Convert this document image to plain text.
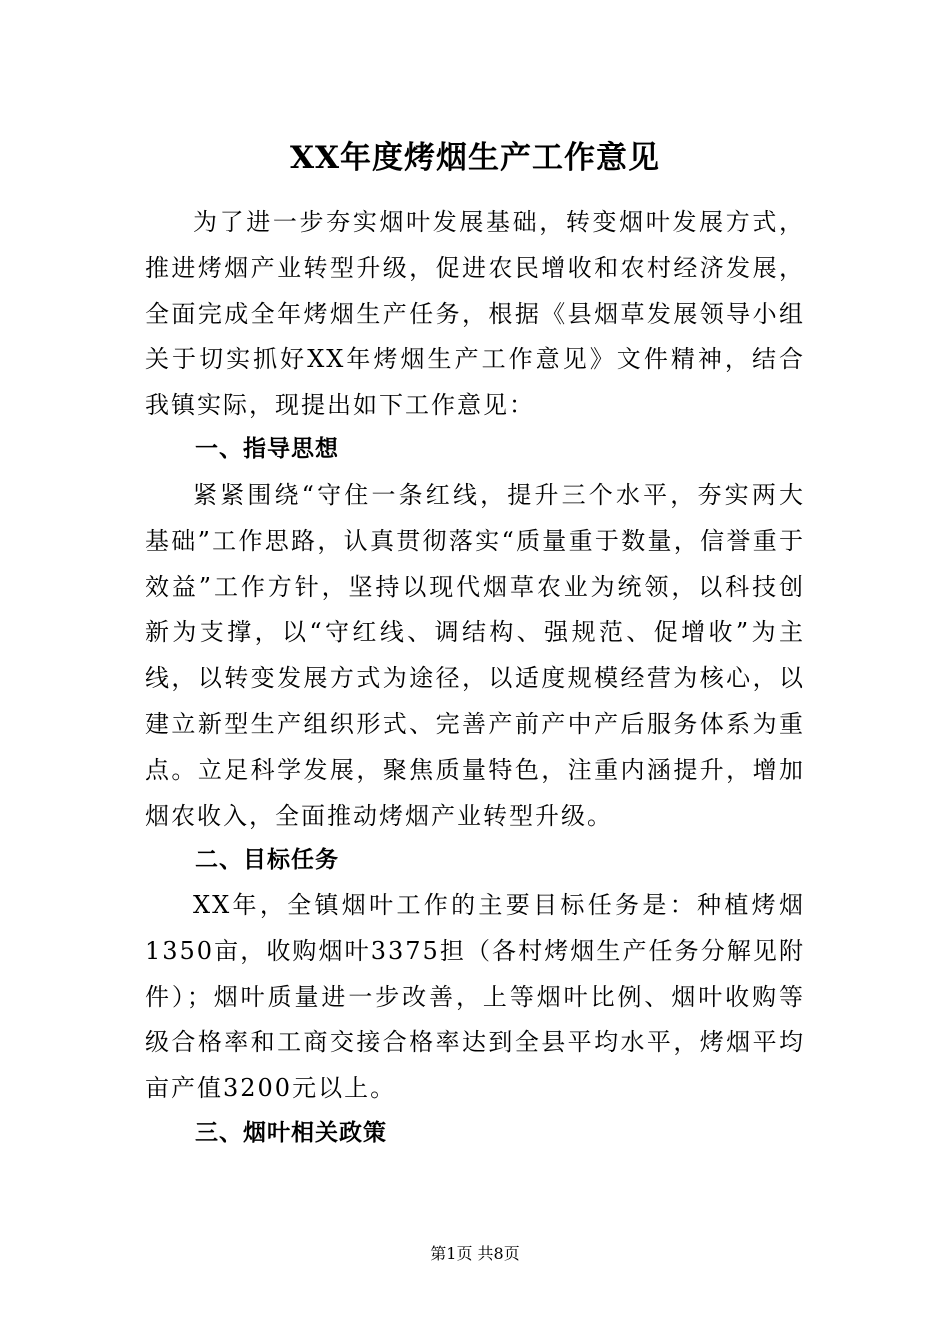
XX年度烤烟生产工作意见

为了进一步夯实烟叶发展基础，转变烟叶发展方式，推进烤烟产业转型升级，促进农民增收和农村经济发展，全面完成全年烤烟生产任务，根据《县烟草发展领导小组关于切实抓好XX年烤烟生产工作意见》文件精神，结合我镇实际，现提出如下工作意见：

一、指导思想

紧紧围绕“守住一条红线，提升三个水平，夯实两大基础”工作思路，认真贯彻落实“质量重于数量，信誉重于效益”工作方针，坚持以现代烟草农业为统领，以科技创新为支撑，以“守红线、调结构、强规范、促增收”为主线，以转变发展方式为途径，以适度规模经营为核心，以建立新型生产组织形式、完善产前产中产后服务体系为重点。立足科学发展，聚焦质量特色，注重内涵提升，增加烟农收入，全面推动烤烟产业转型升级。

二、目标任务

XX年，全镇烟叶工作的主要目标任务是：种植烤烟1350亩，收购烟叶3375担（各村烤烟生产任务分解见附件）；烟叶质量进一步改善，上等烟叶比例、烟叶收购等级合格率和工商交接合格率达到全县平均水平，烤烟平均亩产值3200元以上。

三、烟叶相关政策

第1页 共8页
